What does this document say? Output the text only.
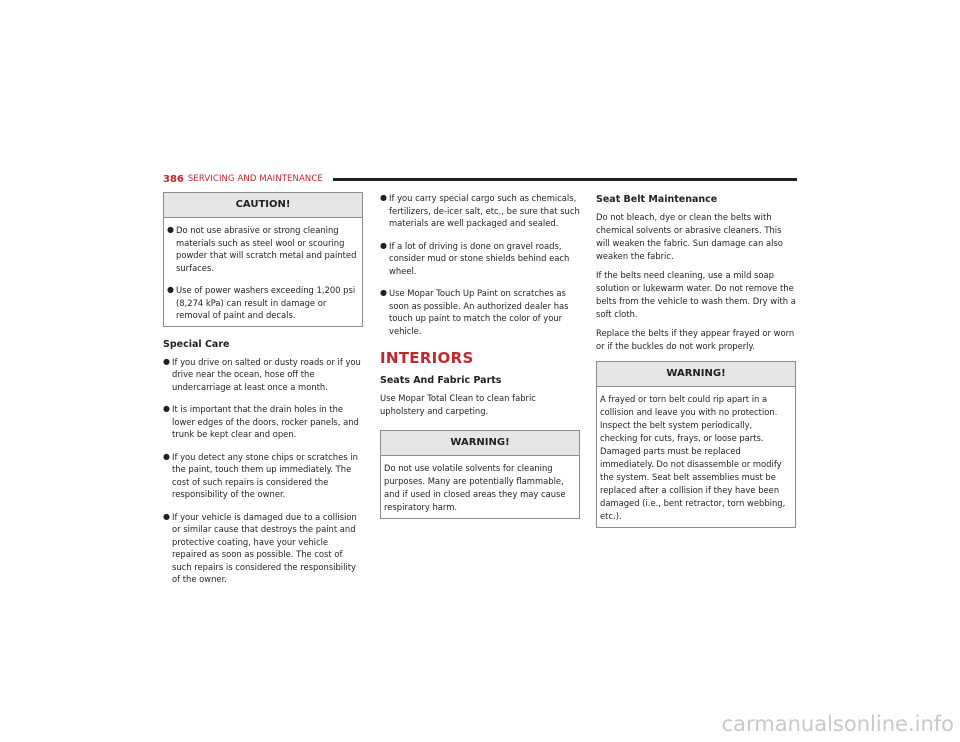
386 SERVICING AND MAINTENANCE
CAUTION!
● Do not use abrasive or strong cleaning materials such as steel wool or scouring powder that will scratch metal and painted surfaces.
● Use of power washers exceeding 1,200 psi (8,274 kPa) can result in damage or removal of paint and decals.
Special Care
● If you drive on salted or dusty roads or if you drive near the ocean, hose off the undercarriage at least once a month.
● It is important that the drain holes in the lower edges of the doors, rocker panels, and trunk be kept clear and open.
● If you detect any stone chips or scratches in the paint, touch them up immediately. The cost of such repairs is considered the responsibility of the owner.
● If your vehicle is damaged due to a collision or similar cause that destroys the paint and protective coating, have your vehicle repaired as soon as possible. The cost of such repairs is considered the responsibility of the owner.
● If you carry special cargo such as chemicals, fertilizers, de-icer salt, etc., be sure that such materials are well packaged and sealed.
● If a lot of driving is done on gravel roads, consider mud or stone shields behind each wheel.
● Use Mopar Touch Up Paint on scratches as soon as possible. An authorized dealer has touch up paint to match the color of your vehicle.
INTERIORS
Seats And Fabric Parts
Use Mopar Total Clean to clean fabric upholstery and carpeting.
WARNING!
Do not use volatile solvents for cleaning purposes. Many are potentially flammable, and if used in closed areas they may cause respiratory harm.
Seat Belt Maintenance
Do not bleach, dye or clean the belts with chemical solvents or abrasive cleaners. This will weaken the fabric. Sun damage can also weaken the fabric.
If the belts need cleaning, use a mild soap solution or lukewarm water. Do not remove the belts from the vehicle to wash them. Dry with a soft cloth.
Replace the belts if they appear frayed or worn or if the buckles do not work properly.
WARNING!
A frayed or torn belt could rip apart in a collision and leave you with no protection. Inspect the belt system periodically, checking for cuts, frays, or loose parts. Damaged parts must be replaced immediately. Do not disassemble or modify the system. Seat belt assemblies must be replaced after a collision if they have been damaged (i.e., bent retractor, torn webbing, etc.).
carmanualsonline.info
